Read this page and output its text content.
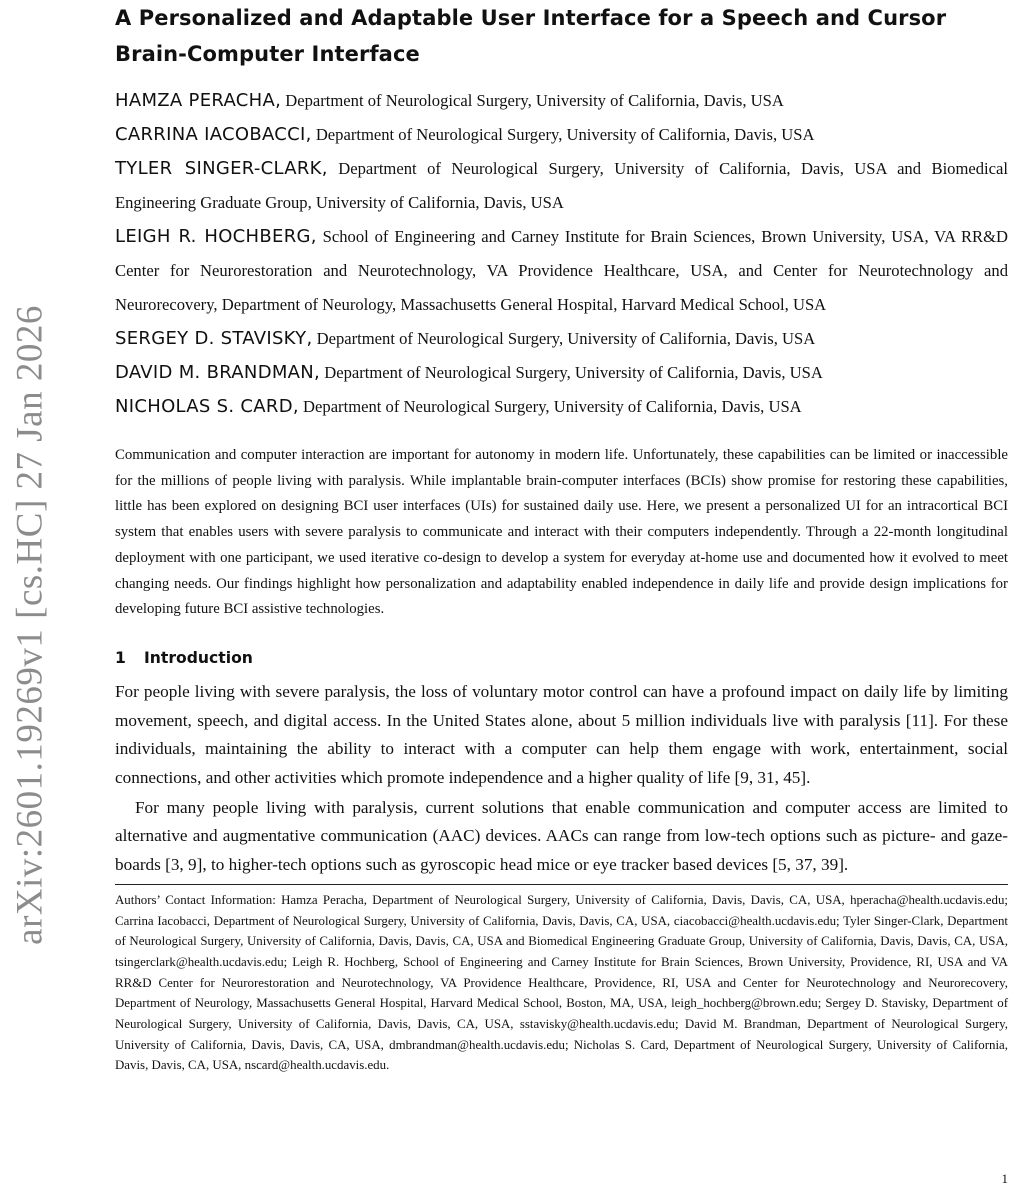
arXiv:2601.19269v1 [cs.HC] 27 Jan 2026
A Personalized and Adaptable User Interface for a Speech and Cursor Brain-Computer Interface

HAMZA PERACHA, Department of Neurological Surgery, University of California, Davis, USA

CARRINA IACOBACCI, Department of Neurological Surgery, University of California, Davis, USA

TYLER SINGER-CLARK, Department of Neurological Surgery, University of California, Davis, USA and Biomedical Engineering Graduate Group, University of California, Davis, USA

LEIGH R. HOCHBERG, School of Engineering and Carney Institute for Brain Sciences, Brown University, USA, VA RR&D Center for Neurorestoration and Neurotechnology, VA Providence Healthcare, USA, and Center for Neurotechnology and Neurorecovery, Department of Neurology, Massachusetts General Hospital, Harvard Medical School, USA

SERGEY D. STAVISKY, Department of Neurological Surgery, University of California, Davis, USA

DAVID M. BRANDMAN, Department of Neurological Surgery, University of California, Davis, USA

NICHOLAS S. CARD, Department of Neurological Surgery, University of California, Davis, USA

Communication and computer interaction are important for autonomy in modern life. Unfortunately, these capabilities can be limited or inaccessible for the millions of people living with paralysis. While implantable brain-computer interfaces (BCIs) show promise for restoring these capabilities, little has been explored on designing BCI user interfaces (UIs) for sustained daily use. Here, we present a personalized UI for an intracortical BCI system that enables users with severe paralysis to communicate and interact with their computers independently. Through a 22-month longitudinal deployment with one participant, we used iterative co-design to develop a system for everyday at-home use and documented how it evolved to meet changing needs. Our findings highlight how personalization and adaptability enabled independence in daily life and provide design implications for developing future BCI assistive technologies.

1 Introduction

For people living with severe paralysis, the loss of voluntary motor control can have a profound impact on daily life by limiting movement, speech, and digital access. In the United States alone, about 5 million individuals live with paralysis [11]. For these individuals, maintaining the ability to interact with a computer can help them engage with work, entertainment, social connections, and other activities which promote independence and a higher quality of life [9, 31, 45].

For many people living with paralysis, current solutions that enable communication and computer access are limited to alternative and augmentative communication (AAC) devices. AACs can range from low-tech options such as picture- and gaze-boards [3, 9], to higher-tech options such as gyroscopic head mice or eye tracker based devices [5, 37, 39].

Authors’ Contact Information: Hamza Peracha, Department of Neurological Surgery, University of California, Davis, Davis, CA, USA, hperacha@health.ucdavis.edu; Carrina Iacobacci, Department of Neurological Surgery, University of California, Davis, Davis, CA, USA, ciacobacci@health.ucdavis.edu; Tyler Singer-Clark, Department of Neurological Surgery, University of California, Davis, Davis, CA, USA and Biomedical Engineering Graduate Group, University of California, Davis, Davis, CA, USA, tsingerclark@health.ucdavis.edu; Leigh R. Hochberg, School of Engineering and Carney Institute for Brain Sciences, Brown University, Providence, RI, USA and VA RR&D Center for Neurorestoration and Neurotechnology, VA Providence Healthcare, Providence, RI, USA and Center for Neurotechnology and Neurorecovery, Department of Neurology, Massachusetts General Hospital, Harvard Medical School, Boston, MA, USA, leigh_hochberg@brown.edu; Sergey D. Stavisky, Department of Neurological Surgery, University of California, Davis, Davis, CA, USA, sstavisky@health.ucdavis.edu; David M. Brandman, Department of Neurological Surgery, University of California, Davis, Davis, CA, USA, dmbrandman@health.ucdavis.edu; Nicholas S. Card, Department of Neurological Surgery, University of California, Davis, Davis, CA, USA, nscard@health.ucdavis.edu.

1
